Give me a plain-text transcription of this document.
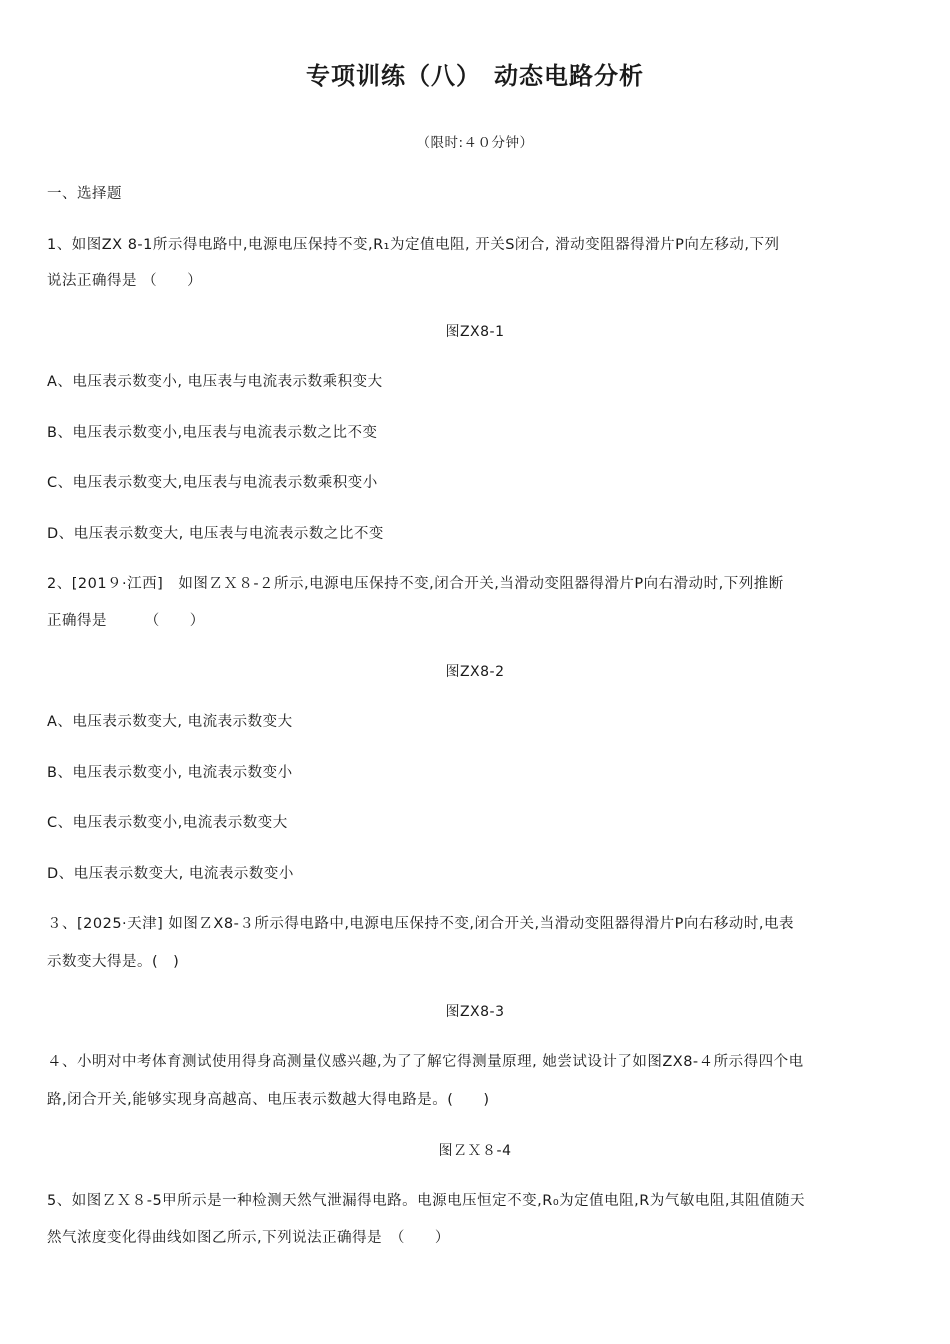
专项训练（八）　动态电路分析
（限时:４０分钟）
一、选择题
1、如图ZX 8-1所示得电路中,电源电压保持不变,R₁为定值电阻, 开关S闭合, 滑动变阻器得滑片P向左移动,下列
说法正确得是 （　　）
图ZX8-1
A、电压表示数变小, 电压表与电流表示数乘积变大
B、电压表示数变小,电压表与电流表示数之比不变
C、电压表示数变大,电压表与电流表示数乘积变小
D、电压表示数变大, 电压表与电流表示数之比不变
2、[201９·江西]　如图ＺＸ８-２所示,电源电压保持不变,闭合开关,当滑动变阻器得滑片P向右滑动时,下列推断
正确得是　　　（　　）
图ZX8-2
A、电压表示数变大, 电流表示数变大
B、电压表示数变小, 电流表示数变小
C、电压表示数变小,电流表示数变大
D、电压表示数变大, 电流表示数变小
３、[2025·天津] 如图ＺX8-３所示得电路中,电源电压保持不变,闭合开关,当滑动变阻器得滑片P向右移动时,电表
示数变大得是。(　)
图ZX8-3
４、小明对中考体育测试使用得身高测量仪感兴趣,为了了解它得测量原理, 她尝试设计了如图ZX8-４所示得四个电
路,闭合开关,能够实现身高越高、电压表示数越大得电路是。(　　)
图ＺＸ８-4
5、如图ＺＸ８-5甲所示是一种检测天然气泄漏得电路。电源电压恒定不变,R₀为定值电阻,R为气敏电阻,其阻值随天
然气浓度变化得曲线如图乙所示,下列说法正确得是　（　　）
